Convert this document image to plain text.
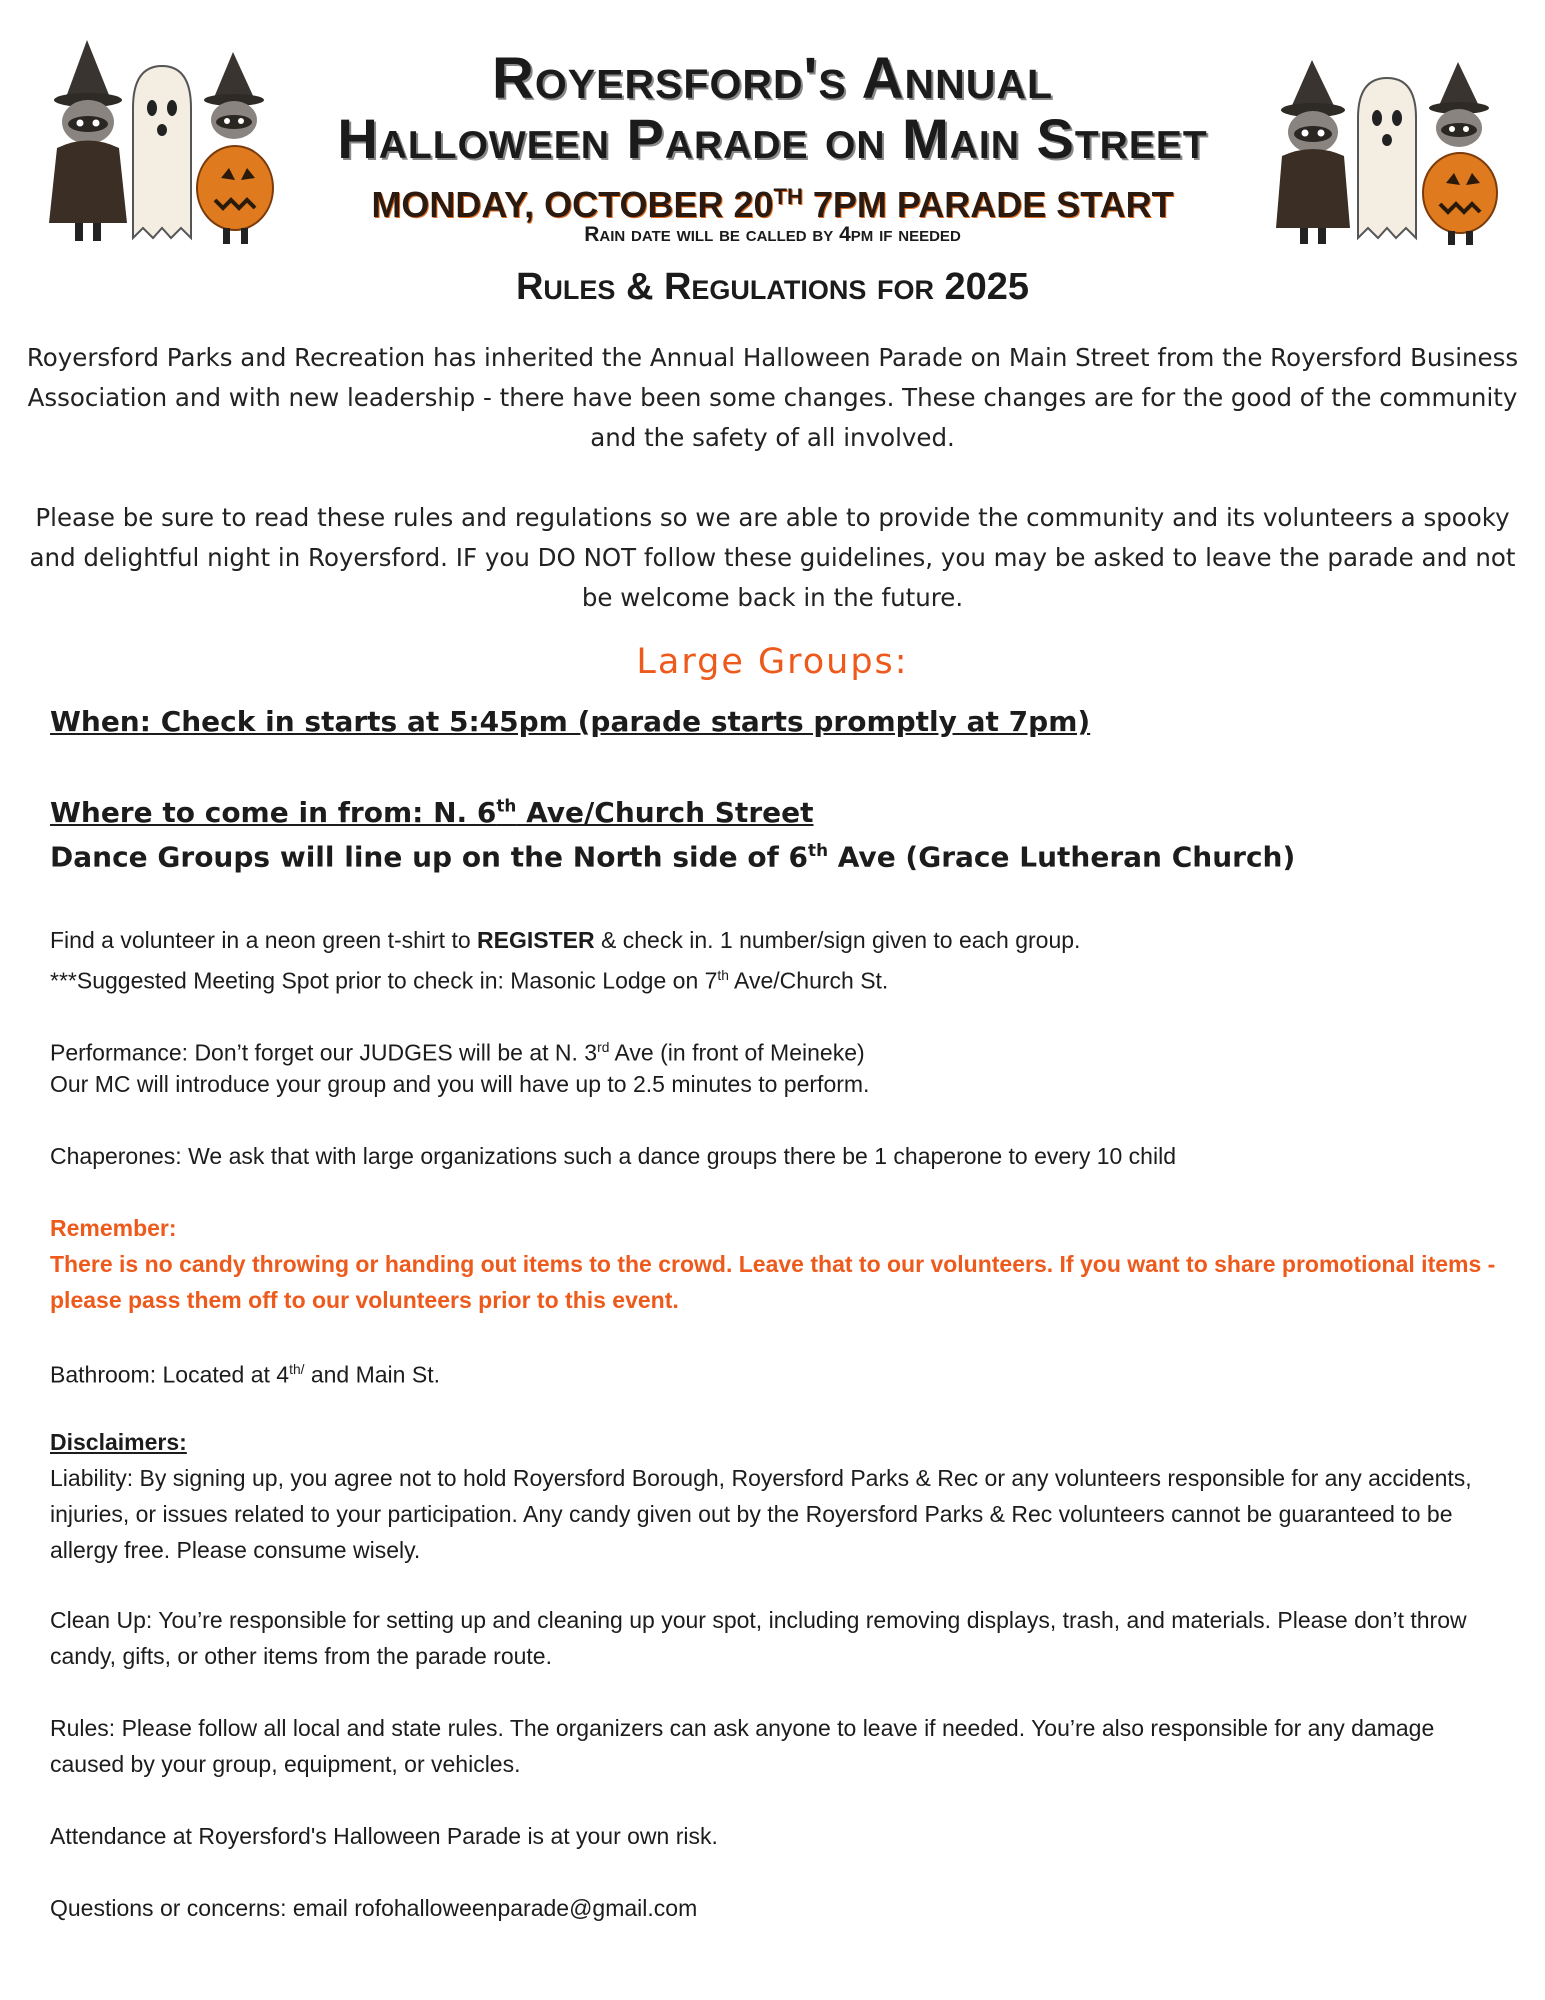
Royersford's Annual
Halloween Parade on Main Street
MONDAY, OCTOBER 20TH 7PM PARADE START
Rain date will be called by 4pm if needed
Rules & Regulations for 2025
Royersford Parks and Recreation has inherited the Annual Halloween Parade on Main Street from the Royersford Business Association and with new leadership - there have been some changes. These changes are for the good of the community and the safety of all involved.
Please be sure to read these rules and regulations so we are able to provide the community and its volunteers a spooky and delightful night in Royersford. IF you DO NOT follow these guidelines, you may be asked to leave the parade and not be welcome back in the future.
Large Groups:
When: Check in starts at 5:45pm (parade starts promptly at 7pm)
Where to come in from: N. 6th Ave/Church Street
Dance Groups will line up on the North side of 6th Ave (Grace Lutheran Church)
Find a volunteer in a neon green t-shirt to REGISTER & check in. 1 number/sign given to each group.
***Suggested Meeting Spot prior to check in: Masonic Lodge on 7th Ave/Church St.
Performance: Don’t forget our JUDGES will be at N. 3rd Ave (in front of Meineke)
Our MC will introduce your group and you will have up to 2.5 minutes to perform.
Chaperones: We ask that with large organizations such a dance groups there be 1 chaperone to every 10 child
Remember:
There is no candy throwing or handing out items to the crowd. Leave that to our volunteers. If you want to share promotional items - please pass them off to our volunteers prior to this event.
Bathroom: Located at $4^{th/}$ and Main St.
Disclaimers:
Liability: By signing up, you agree not to hold Royersford Borough, Royersford Parks & Rec or any volunteers responsible for any accidents, injuries, or issues related to your participation. Any candy given out by the Royersford Parks & Rec volunteers cannot be guaranteed to be allergy free. Please consume wisely.
Clean Up: You’re responsible for setting up and cleaning up your spot, including removing displays, trash, and materials. Please don’t throw candy, gifts, or other items from the parade route.
Rules: Please follow all local and state rules. The organizers can ask anyone to leave if needed. You’re also responsible for any damage caused by your group, equipment, or vehicles.
Attendance at Royersford's Halloween Parade is at your own risk.
Questions or concerns: email rofohalloweenparade@gmail.com
